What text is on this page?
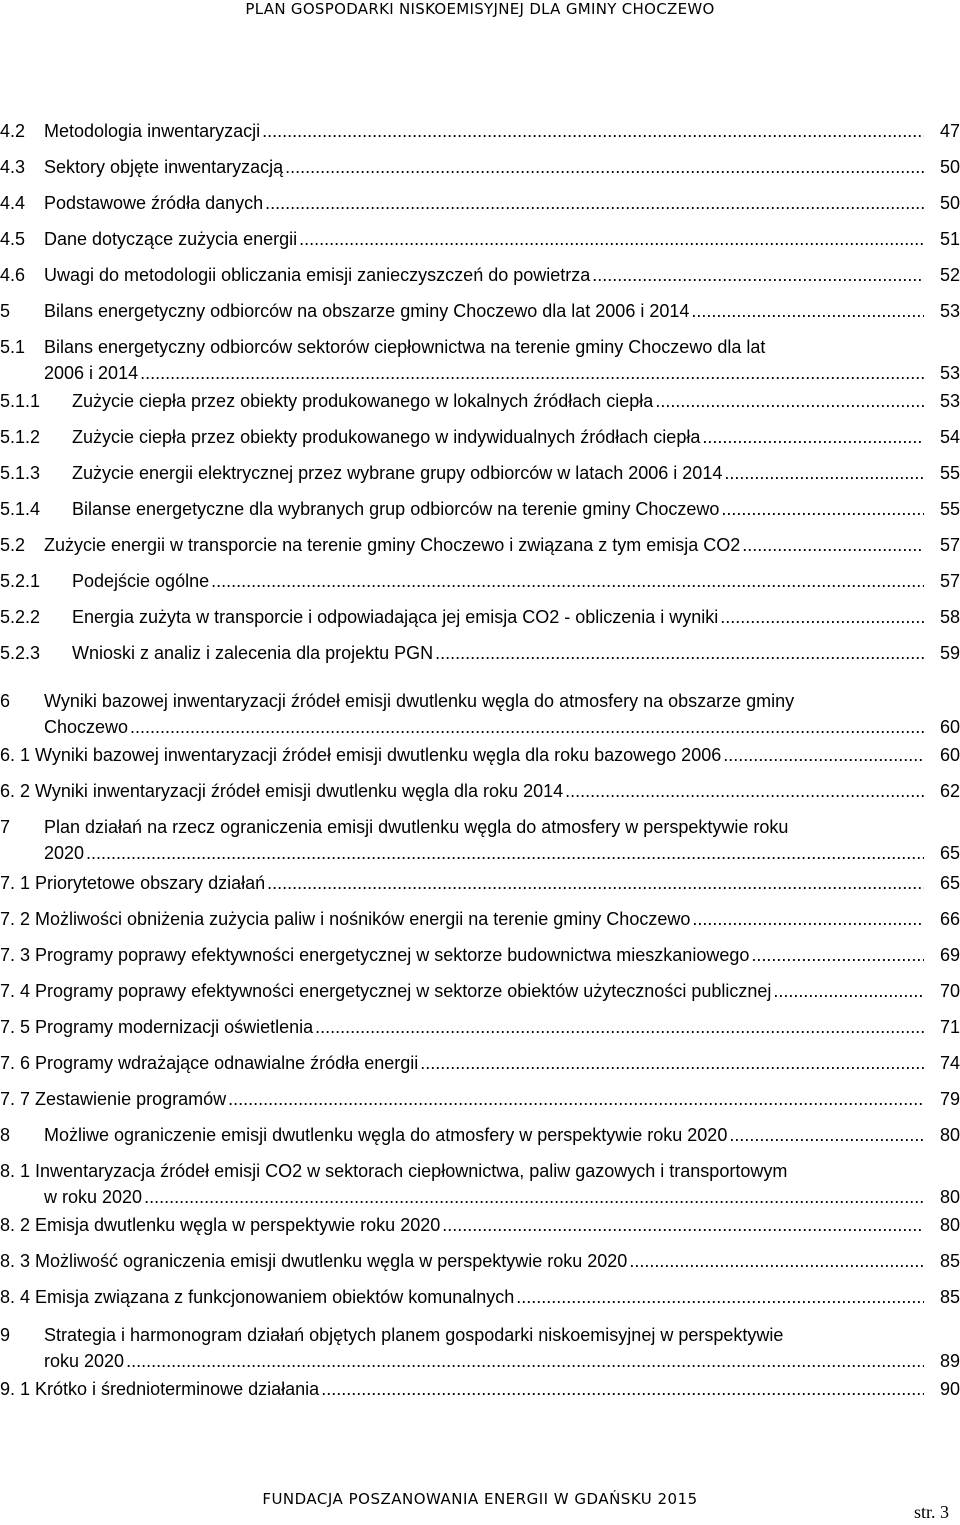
PLAN GOSPODARKI NISKOEMISYJNEJ DLA GMINY CHOCZEWO
4.2	Metodologia inwentaryzacji .....	47
4.3	Sektory objęte inwentaryzacją .....	50
4.4	Podstawowe źródła danych .....	50
4.5	Dane dotyczące zużycia energii .....	51
4.6	Uwagi do metodologii obliczania emisji zanieczyszczeń do powietrza .....	52
5	Bilans energetyczny odbiorców na obszarze gminy Choczewo dla lat 2006 i 2014 .....	53
5.1	Bilans energetyczny odbiorców sektorów ciepłownictwa na terenie gminy Choczewo dla lat
2006 i 2014 .....	53
5.1.1	Zużycie ciepła przez obiekty produkowanego w lokalnych źródłach ciepła .....	53
5.1.2	Zużycie ciepła przez obiekty produkowanego w indywidualnych źródłach ciepła .....	54
5.1.3	Zużycie energii elektrycznej przez wybrane grupy odbiorców w latach 2006 i 2014 .....	55
5.1.4	Bilanse energetyczne dla wybranych grup odbiorców na terenie gminy Choczewo .....	55
5.2	Zużycie energii w transporcie na terenie gminy Choczewo i związana z tym emisja CO2 .....	57
5.2.1	Podejście ogólne .....	57
5.2.2	Energia zużyta w transporcie i odpowiadająca jej emisja CO2 - obliczenia i wyniki .....	58
5.2.3	Wnioski z analiz i zalecenia dla projektu PGN .....	59
6	Wyniki bazowej inwentaryzacji źródeł emisji dwutlenku węgla do atmosfery na obszarze gminy
Choczewo .....	60
6. 1 Wyniki bazowej inwentaryzacji źródeł emisji dwutlenku węgla dla roku bazowego 2006 .....	60
6. 2 Wyniki inwentaryzacji źródeł emisji dwutlenku węgla dla roku 2014 .....	62
7	Plan działań na rzecz ograniczenia emisji dwutlenku węgla do atmosfery w perspektywie roku
2020 .....	65
7. 1 Priorytetowe obszary działań .....	65
7. 2 Możliwości obniżenia zużycia paliw i nośników energii na terenie gminy Choczewo .....	66
7. 3 Programy poprawy efektywności energetycznej w sektorze budownictwa mieszkaniowego .....	69
7. 4 Programy poprawy efektywności energetycznej w sektorze obiektów użyteczności publicznej .....	70
7. 5 Programy modernizacji oświetlenia .....	71
7. 6 Programy wdrażające odnawialne źródła energii .....	74
7. 7 Zestawienie programów .....	79
8	Możliwe ograniczenie emisji dwutlenku węgla do atmosfery w perspektywie roku 2020 .....	80
8. 1 Inwentaryzacja źródeł emisji CO2 w sektorach ciepłownictwa, paliw gazowych i transportowym
w roku 2020 .....	80
8. 2 Emisja dwutlenku węgla w perspektywie roku 2020 .....	80
8. 3 Możliwość ograniczenia emisji dwutlenku węgla w perspektywie roku 2020 .....	85
8. 4 Emisja związana z funkcjonowaniem obiektów komunalnych .....	85
9	Strategia i harmonogram działań objętych planem gospodarki niskoemisyjnej w perspektywie
roku 2020 .....	89
9. 1 Krótko i średnioterminowe działania .....	90
FUNDACJA POSZANOWANIA ENERGII W GDAŃSKU 2015
str. 3
